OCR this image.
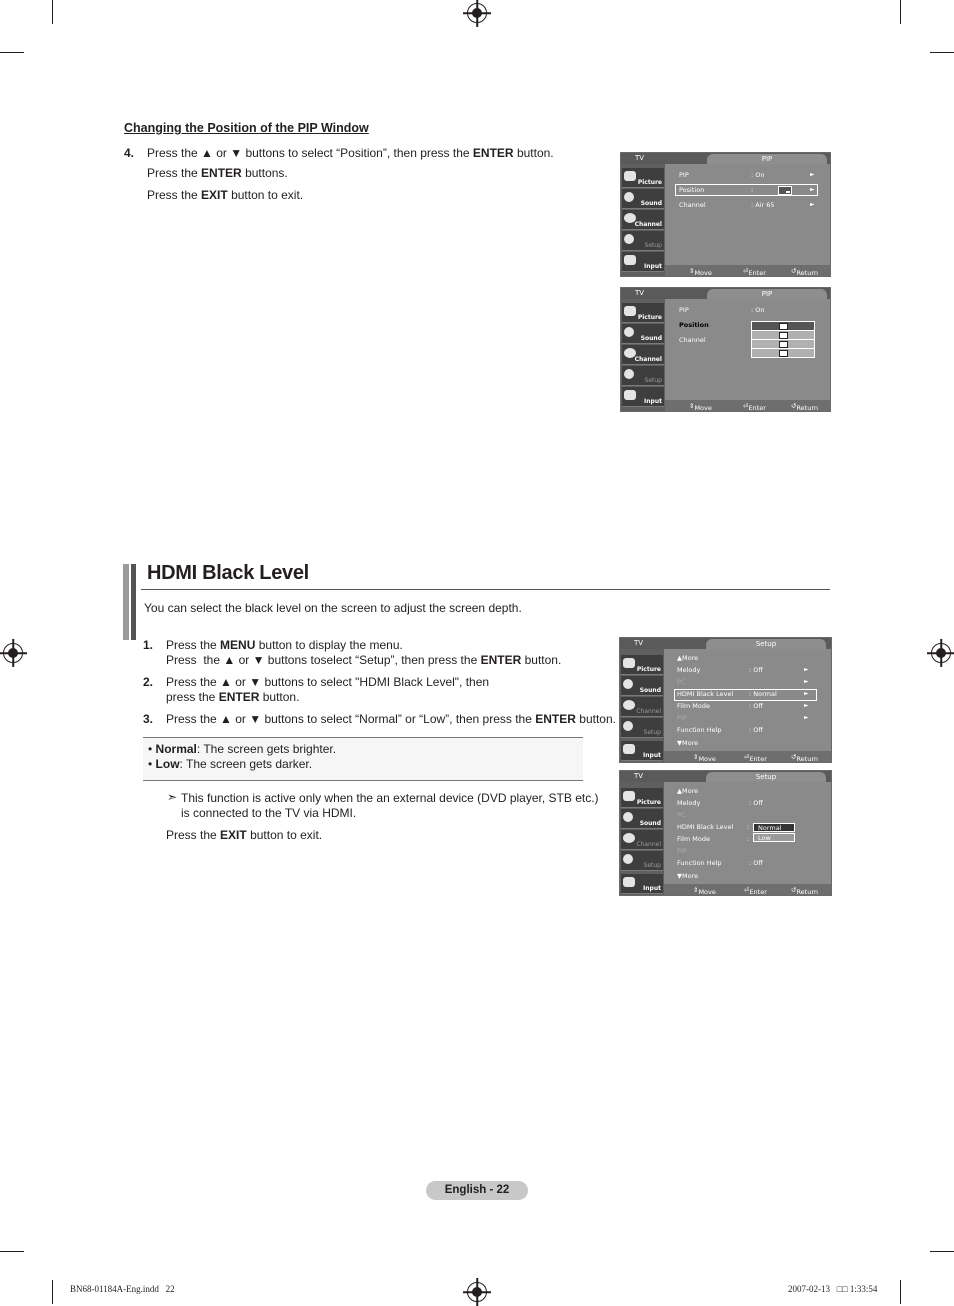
Changing the Position of the PIP Window
4. Press the ▲ or ▼ buttons to select “Position”, then press the ENTER button.
Press the ENTER buttons.
Press the EXIT button to exit.
TV	PIP
Picture
Sound
Channel
Setup
Input
PIP	: On	►
Position	:	►
Channel	: Air 65	►
⇕ Move	⏎ Enter	↺ Return
TV	PIP
Picture
Sound
Channel
Setup
Input
PIP	: On
Position
Channel
⇕ Move	⏎ Enter	↺ Return
HDMI Black Level
You can select the black level on the screen to adjust the screen depth.
1. Press the MENU button to display the menu.
Press  the ▲ or ▼ buttons toselect “Setup”, then press the ENTER button.
2. Press the ▲ or ▼ buttons to select "HDMI Black Level", then
press the ENTER button.
3. Press the ▲ or ▼ buttons to select “Normal” or “Low”, then press the ENTER button.
• Normal: The screen gets brighter.
• Low: The screen gets darker.
➣ This function is active only when the an external device (DVD player, STB etc.)
is connected to the TV via HDMI.
Press the EXIT button to exit.
TV	Setup
Picture
Sound
Channel
Setup
Input
▲More
Melody	: Off	►
PC	►
HDMI Black Level : Normal	►
Film Mode	: Off	►
PIP	►
Function Help	: Off
▼More
⇕ Move	⏎ Enter	↺ Return
TV	Setup
Picture
Sound
Channel
Setup
Input
▲More
Melody	: Off
PC
HDMI Black Level :
Film Mode	:
Normal
Low
PIP
Function Help	: Off
▼More
⇕ Move	⏎ Enter	↺ Return
English - 22
BN68-01184A-Eng.indd   22	2007-02-13   □□ 1:33:54
